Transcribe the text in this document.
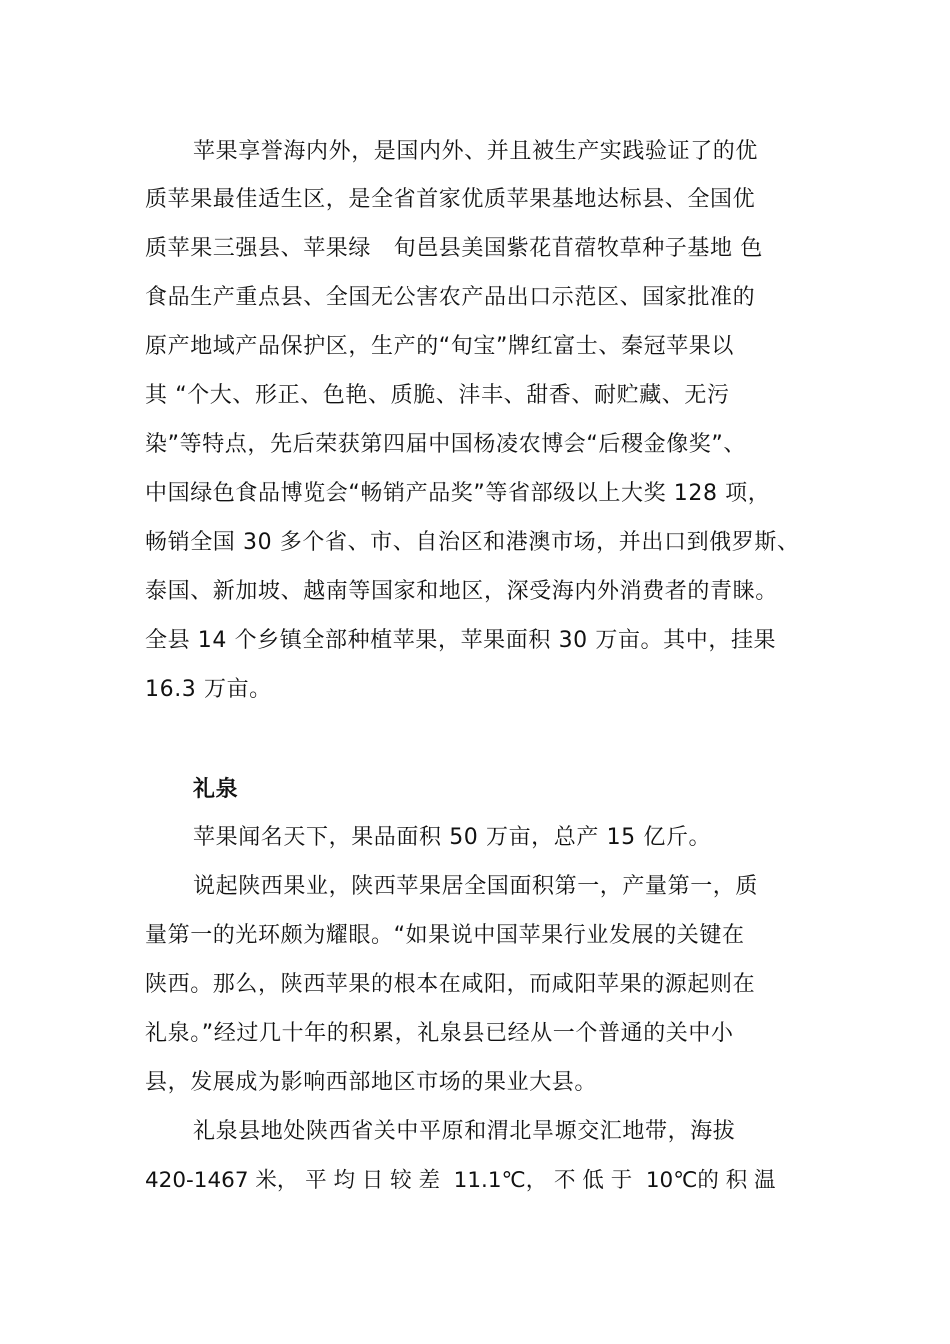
苹果享誉海内外，是国内外、并且被生产实践验证了的优
质苹果最佳适生区，是全省首家优质苹果基地达标县、全国优
质苹果三强县、苹果绿　旬邑县美国紫花苜蓿牧草种子基地 色
食品生产重点县、全国无公害农产品出口示范区、国家批准的
原产地域产品保护区，生产的“旬宝”牌红富士、秦冠苹果以
其 “个大、形正、色艳、质脆、沣丰、甜香、耐贮藏、无污
染”等特点，先后荣获第四届中国杨凌农博会“后稷金像奖”、
中国绿色食品博览会“畅销产品奖”等省部级以上大奖 128 项，
畅销全国 30 多个省、市、自治区和港澳市场，并出口到俄罗斯、
泰国、新加坡、越南等国家和地区，深受海内外消费者的青睐。
全县 14 个乡镇全部种植苹果，苹果面积 30 万亩。其中，挂果
16.3 万亩。
礼泉
苹果闻名天下，果品面积 50 万亩，总产 15 亿斤。
说起陕西果业，陕西苹果居全国面积第一，产量第一，质
量第一的光环颇为耀眼。“如果说中国苹果行业发展的关键在
陕西。那么，陕西苹果的根本在咸阳，而咸阳苹果的源起则在
礼泉。”经过几十年的积累，礼泉县已经从一个普通的关中小
县，发展成为影响西部地区市场的果业大县。
礼泉县地处陕西省关中平原和渭北旱塬交汇地带，海拔
420-1467 米， 平 均 日 较 差  11.1℃， 不 低 于  10℃的 积 温
